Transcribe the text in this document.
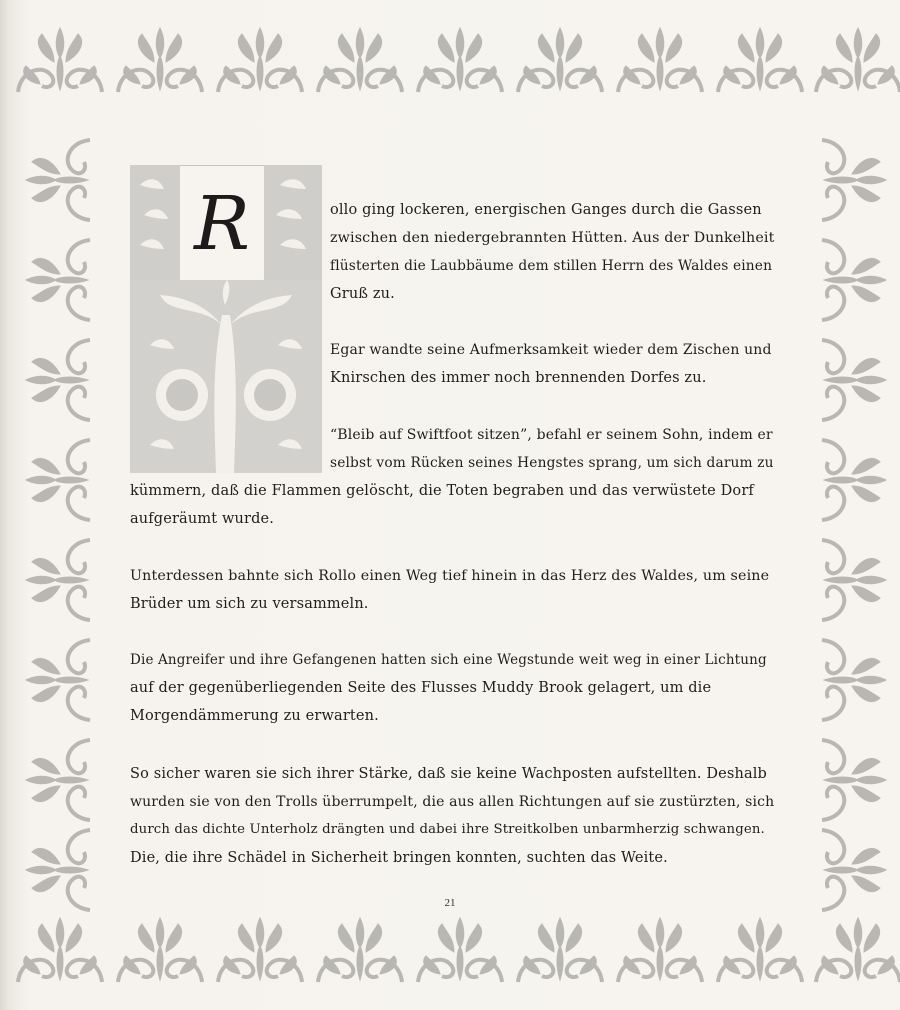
R	ollo ging lockeren, energischen Ganges durch die Gassen
zwischen den niedergebrannten Hütten. Aus der Dunkelheit
flüsterten die Laubbäume dem stillen Herrn des Waldes einen
Gruß zu.
Egar wandte seine Aufmerksamkeit wieder dem Zischen und
Knirschen des immer noch brennenden Dorfes zu.
“Bleib auf Swiftfoot sitzen”, befahl er seinem Sohn, indem er
selbst vom Rücken seines Hengstes sprang, um sich darum zu
kümmern, daß die Flammen gelöscht, die Toten begraben und das verwüstete Dorf
aufgeräumt wurde.
Unterdessen bahnte sich Rollo einen Weg tief hinein in das Herz des Waldes, um seine
Brüder um sich zu versammeln.
Die Angreifer und ihre Gefangenen hatten sich eine Wegstunde weit weg in einer Lichtung
auf der gegenüberliegenden Seite des Flusses Muddy Brook gelagert, um die
Morgendämmerung zu erwarten.
So sicher waren sie sich ihrer Stärke, daß sie keine Wachposten aufstellten. Deshalb
wurden sie von den Trolls überrumpelt, die aus allen Richtungen auf sie zustürzten, sich
durch das dichte Unterholz drängten und dabei ihre Streitkolben unbarmherzig schwangen.
Die, die ihre Schädel in Sicherheit bringen konnten, suchten das Weite.
21
